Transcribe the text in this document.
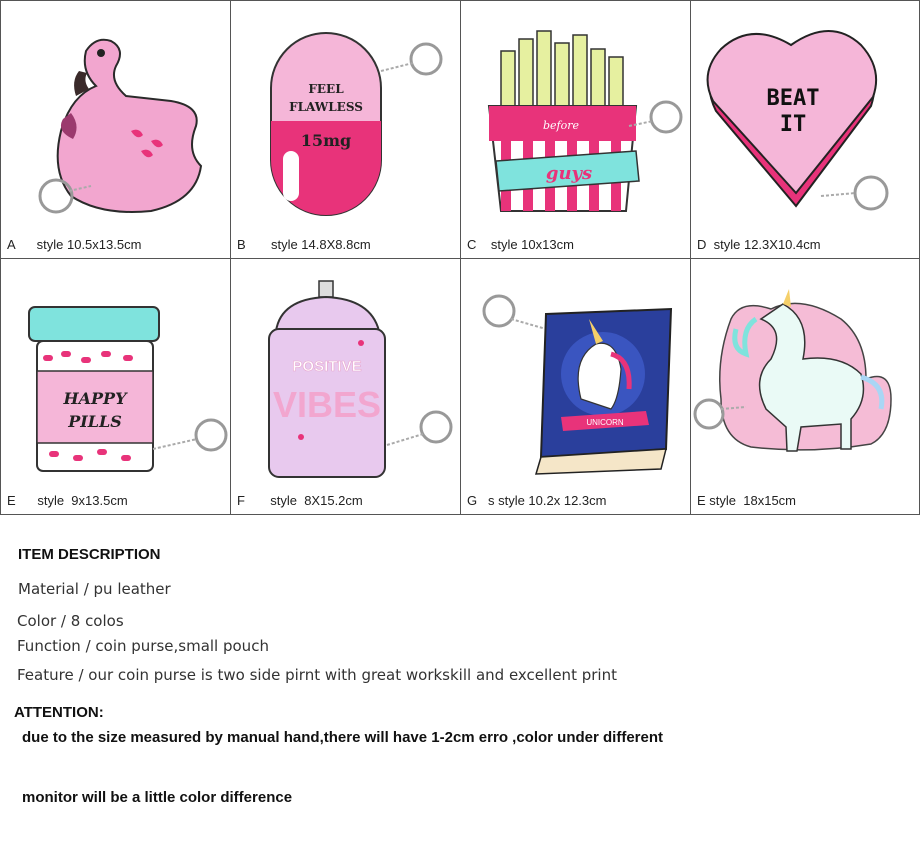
A style 10.5x13.5cm
FEEL
FLAWLESS
15mg
B style 14.8X8.8cm
before
guys
C style 10x13cm
BEAT
IT
D style 12.3X10.4cm
HAPPY
PILLS
E style  9x13.5cm
POSITIVE
VIBES
F style  8X15.2cm
UNICORN
G s style 10.2x 12.3cm	E style  18x15cm
ITEM DESCRIPTION
Material / pu leather
Color / 8 colos
Function / coin purse,small pouch
Feature / our coin purse is two side pirnt with great workskill and excellent print
ATTENTION:
due to the size measured by manual hand,there will have 1-2cm erro ,color under different
monitor will be a little color difference
